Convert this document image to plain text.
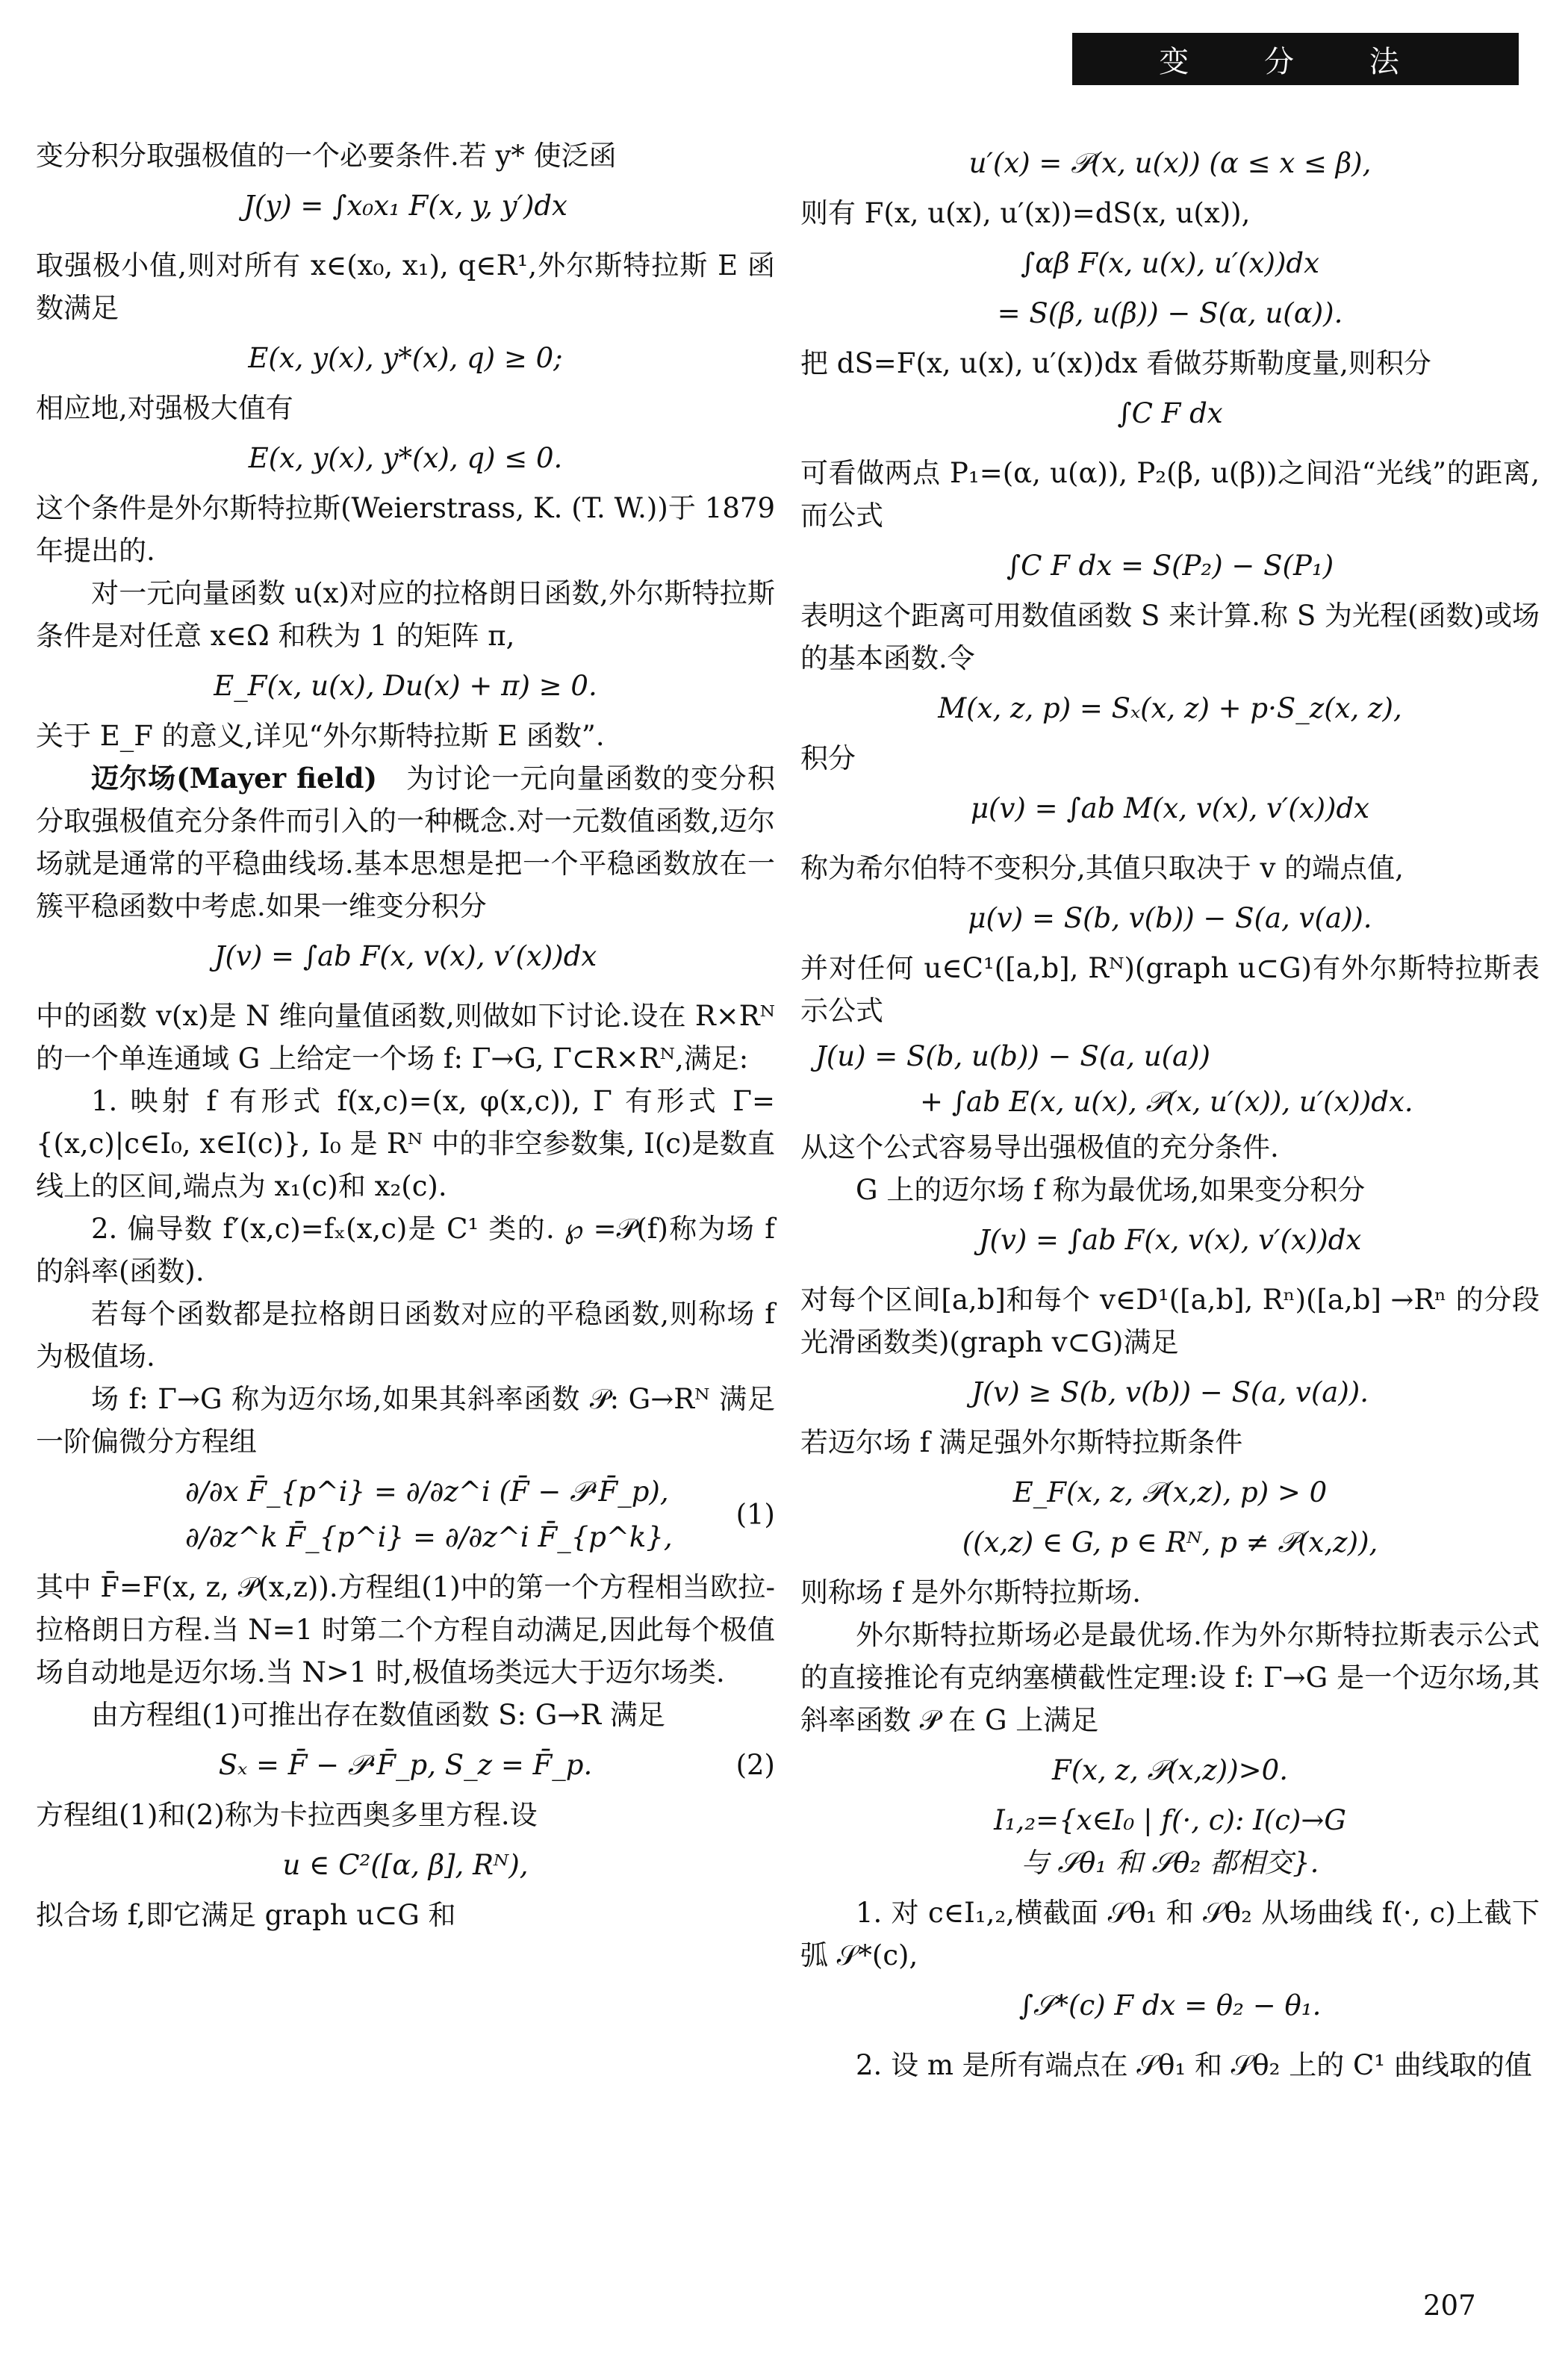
变 分 法

变分积分取强极值的一个必要条件.若 y* 使泛函

J(y) = ∫x₀x₁ F(x, y, y′)dx

取强极小值,则对所有 x∈(x₀, x₁), q∈R¹,外尔斯特拉斯 E 函数满足

E(x, y(x), y*(x), q) ≥ 0;

相应地,对强极大值有

E(x, y(x), y*(x), q) ≤ 0.

这个条件是外尔斯特拉斯(Weierstrass, K. (T. W.))于 1879 年提出的.

对一元向量函数 u(x)对应的拉格朗日函数,外尔斯特拉斯条件是对任意 x∈Ω 和秩为 1 的矩阵 π,

E_F(x, u(x), Du(x) + π) ≥ 0.

关于 E_F 的意义,详见“外尔斯特拉斯 E 函数”.

迈尔场(Mayer field)　 为讨论一元向量函数的变分积分取强极值充分条件而引入的一种概念.对一元数值函数,迈尔场就是通常的平稳曲线场.基本思想是把一个平稳函数放在一簇平稳函数中考虑.如果一维变分积分

J(v) = ∫ab F(x, v(x), v′(x))dx

中的函数 v(x)是 N 维向量值函数,则做如下讨论.设在 R×Rᴺ 的一个单连通域 G 上给定一个场 f: Γ→G, Γ⊂R×Rᴺ,满足:

1. 映射 f 有形式 f(x,c)=(x, φ(x,c)), Γ 有形式 Γ={(x,c)|c∈I₀, x∈I(c)}, I₀ 是 Rᴺ 中的非空参数集, I(c)是数直线上的区间,端点为 x₁(c)和 x₂(c).

2. 偏导数 f′(x,c)=fₓ(x,c)是 C¹ 类的. ℘ =𝒫(f)称为场 f 的斜率(函数).

若每个函数都是拉格朗日函数对应的平稳函数,则称场 f 为极值场.

场 f: Γ→G 称为迈尔场,如果其斜率函数 𝒫: G→Rᴺ 满足一阶偏微分方程组

∂/∂x F̄_{p^i} = ∂/∂z^i (F̄ − 𝒫·F̄_p),

∂/∂z^k F̄_{p^i} = ∂/∂z^i F̄_{p^k},

(1)

其中 F̄=F(x, z, 𝒫(x,z)).方程组(1)中的第一个方程相当欧拉-拉格朗日方程.当 N=1 时第二个方程自动满足,因此每个极值场自动地是迈尔场.当 N>1 时,极值场类远大于迈尔场类.

由方程组(1)可推出存在数值函数 S: G→R 满足

Sₓ = F̄ − 𝒫·F̄_p, S_z = F̄_p.	(2)

方程组(1)和(2)称为卡拉西奥多里方程.设

u ∈ C²([α, β], Rᴺ),

拟合场 f,即它满足 graph u⊂G 和

u′(x) = 𝒫(x, u(x)) (α ≤ x ≤ β),

则有 F(x, u(x), u′(x))=dS(x, u(x)),

∫αβ F(x, u(x), u′(x))dx

= S(β, u(β)) − S(α, u(α)).

把 dS=F(x, u(x), u′(x))dx 看做芬斯勒度量,则积分

∫C F dx

可看做两点 P₁=(α, u(α)), P₂(β, u(β))之间沿“光线”的距离,而公式

∫C F dx = S(P₂) − S(P₁)

表明这个距离可用数值函数 S 来计算.称 S 为光程(函数)或场的基本函数.令

M(x, z, p) = Sₓ(x, z) + p·S_z(x, z),

积分

μ(v) = ∫ab M(x, v(x), v′(x))dx

称为希尔伯特不变积分,其值只取决于 v 的端点值,

μ(v) = S(b, v(b)) − S(a, v(a)).

并对任何 u∈C¹([a,b], Rᴺ)(graph u⊂G)有外尔斯特拉斯表示公式

J(u) = S(b, u(b)) − S(a, u(a))

+ ∫ab E(x, u(x), 𝒫(x, u′(x)), u′(x))dx.

从这个公式容易导出强极值的充分条件.

G 上的迈尔场 f 称为最优场,如果变分积分

J(v) = ∫ab F(x, v(x), v′(x))dx

对每个区间[a,b]和每个 v∈D¹([a,b], Rⁿ)([a,b] →Rⁿ 的分段光滑函数类)(graph v⊂G)满足

J(v) ≥ S(b, v(b)) − S(a, v(a)).

若迈尔场 f 满足强外尔斯特拉斯条件

E_F(x, z, 𝒫(x,z), p) > 0

((x,z) ∈ G, p ∈ Rᴺ, p ≠ 𝒫(x,z)),

则称场 f 是外尔斯特拉斯场.

外尔斯特拉斯场必是最优场.作为外尔斯特拉斯表示公式的直接推论有克纳塞横截性定理:设 f: Γ→G 是一个迈尔场,其斜率函数 𝒫 在 G 上满足

F(x, z, 𝒫(x,z))>0.

I₁,₂={x∈I₀ | f(·, c): I(c)→G

与 𝒮θ₁ 和 𝒮θ₂ 都相交}.

1. 对 c∈I₁,₂,横截面 𝒮θ₁ 和 𝒮θ₂ 从场曲线 f(·, c)上截下弧 𝒮*(c),

∫𝒮*(c) F dx = θ₂ − θ₁.

2. 设 m 是所有端点在 𝒮θ₁ 和 𝒮θ₂ 上的 C¹ 曲线取的值

207
